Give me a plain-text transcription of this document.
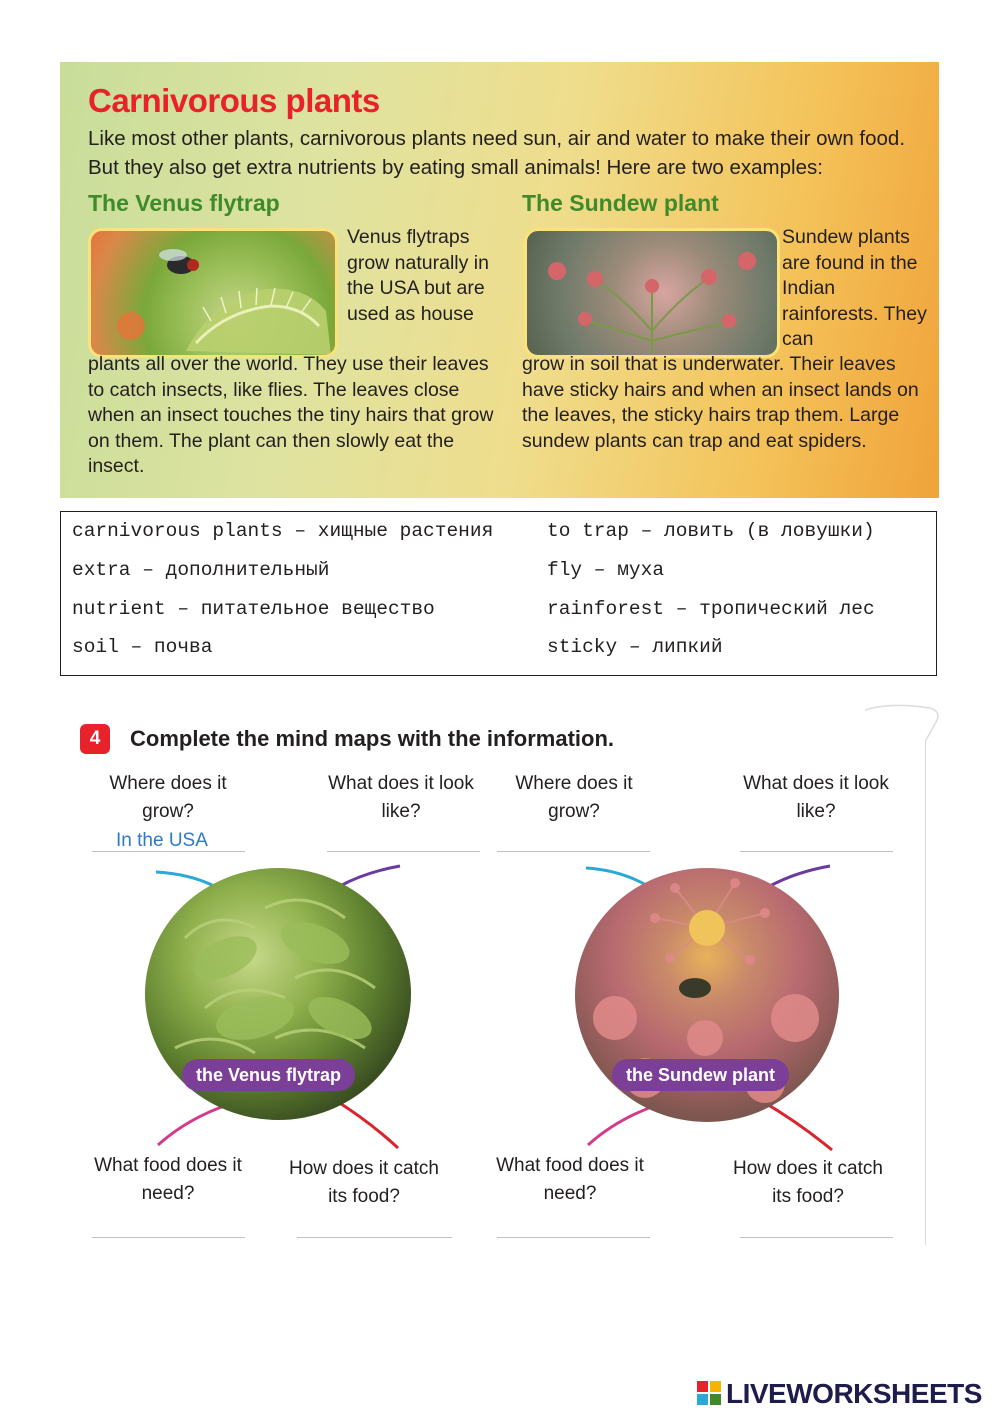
Carnivorous plants
Like most other plants, carnivorous plants need sun, air and water to make their own food. But they also get extra nutrients by eating small animals! Here are two examples:
The Venus flytrap	The Sundew plant
Venus flytraps grow naturally in the USA but are used as house
Sundew plants are found in the Indian rainforests. They can
plants all over the world. They use their leaves to catch insects, like flies. The leaves close when an insect touches the tiny hairs that grow on them. The plant can then slowly eat the insect.
grow in soil that is underwater. Their leaves have sticky hairs and when an insect lands on the leaves, the sticky hairs trap them. Large sundew plants can trap and eat spiders.
carnivorous plants – хищные растения
extra – дополнительный
nutrient – питательное вещество
soil – почва
to trap – ловить (в ловушки)
fly – муха
rainforest – тропический лес
sticky – липкий
4	Complete the mind maps with the information.
Where does it grow?
In the USA
What does it look like?
the Venus flytrap
What food does it need?
How does it catch its food?
Where does it grow?
What does it look like?
the Sundew plant
What food does it need?
How does it catch its food?
LIVEWORKSHEETS
